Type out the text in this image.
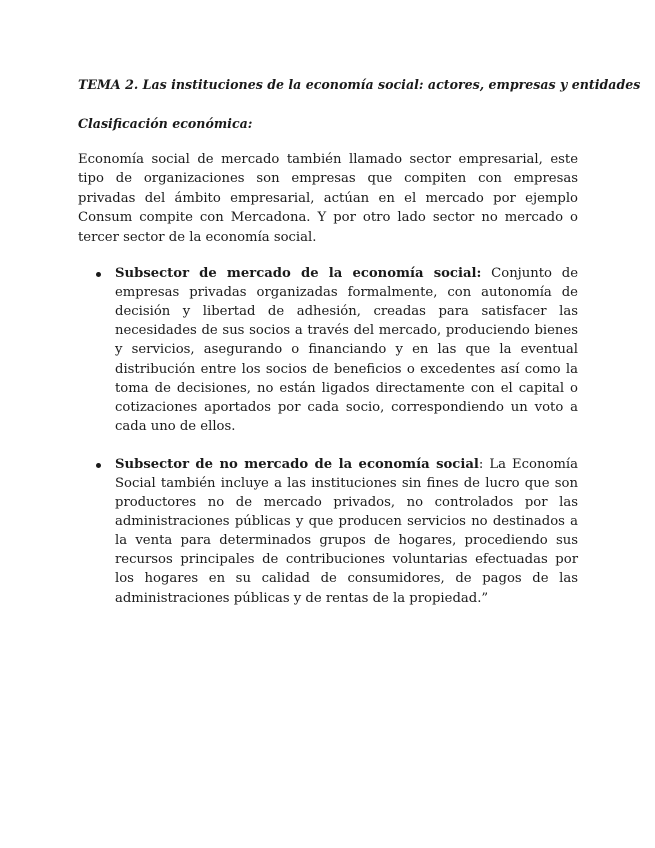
TEMA 2. Las instituciones de la economía social: actores, empresas y entidades

Clasificación económica:

Economía social de mercado también llamado sector empresarial, este tipo de organizaciones son empresas que compiten con empresas privadas del ámbito empresarial, actúan en el mercado por ejemplo Consum compite con Mercadona. Y por otro lado sector no mercado o tercer sector de la economía social.

Subsector de mercado de la economía social: Conjunto de empresas privadas organizadas formalmente, con autonomía de decisión y libertad de adhesión, creadas para satisfacer las necesidades de sus socios a través del mercado, produciendo bienes y servicios, asegurando o financiando y en las que la eventual distribución entre los socios de beneficios o excedentes así como la toma de decisiones, no están ligados directamente con el capital o cotizaciones aportados por cada socio, correspondiendo un voto a cada uno de ellos.
Subsector de no mercado de la economía social: La Economía Social también incluye a las instituciones sin fines de lucro que son productores no de mercado privados, no controlados por las administraciones públicas y que producen servicios no destinados a la venta para determinados grupos de hogares, procediendo sus recursos principales de contribuciones voluntarias efectuadas por los hogares en su calidad de consumidores, de pagos de las administraciones públicas y de rentas de la propiedad.”
